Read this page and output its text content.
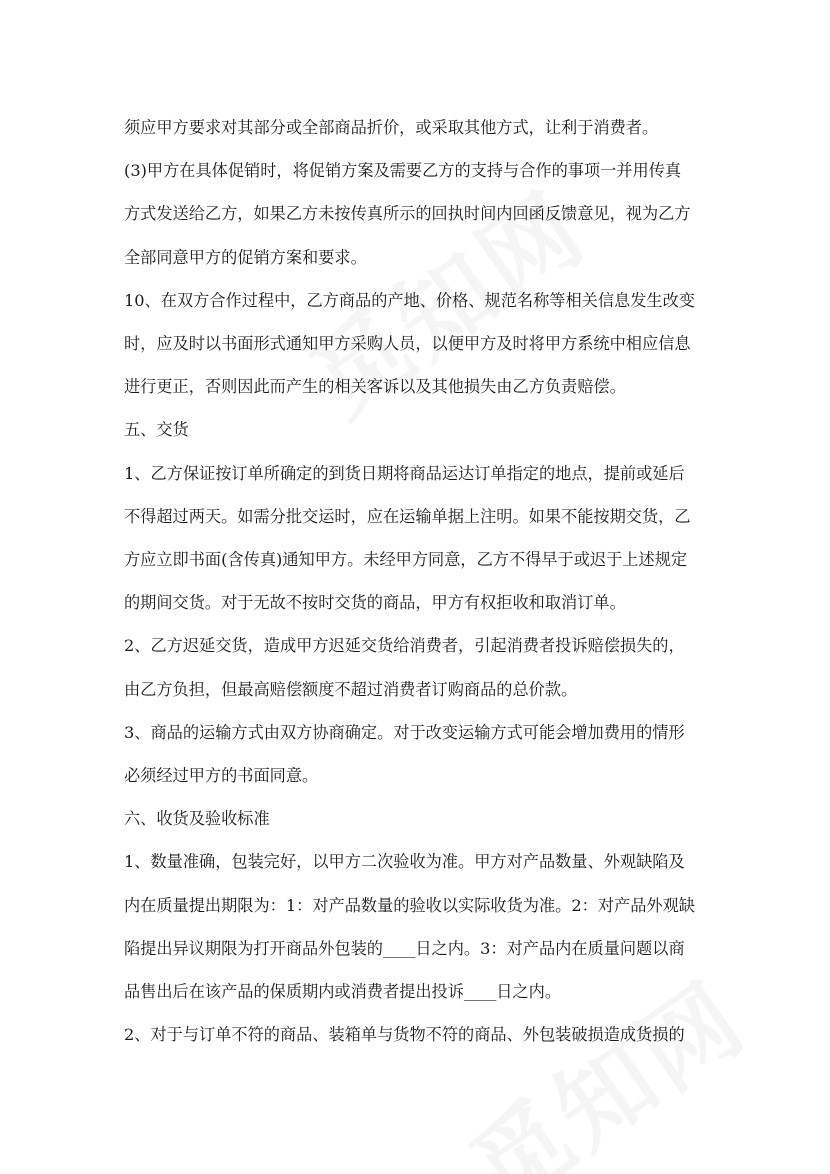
须应甲方要求对其部分或全部商品折价，或采取其他方式，让利于消费者。
(3)甲方在具体促销时，将促销方案及需要乙方的支持与合作的事项一并用传真
方式发送给乙方，如果乙方未按传真所示的回执时间内回函反馈意见，视为乙方
全部同意甲方的促销方案和要求。
10、在双方合作过程中，乙方商品的产地、价格、规范名称等相关信息发生改变
时，应及时以书面形式通知甲方采购人员，以便甲方及时将甲方系统中相应信息
进行更正，否则因此而产生的相关客诉以及其他损失由乙方负责赔偿。
五、交货
1、乙方保证按订单所确定的到货日期将商品运达订单指定的地点，提前或延后
不得超过两天。如需分批交运时，应在运输单据上注明。如果不能按期交货，乙
方应立即书面(含传真)通知甲方。未经甲方同意，乙方不得早于或迟于上述规定
的期间交货。对于无故不按时交货的商品，甲方有权拒收和取消订单。
2、乙方迟延交货，造成甲方迟延交货给消费者，引起消费者投诉赔偿损失的，
由乙方负担，但最高赔偿额度不超过消费者订购商品的总价款。
3、商品的运输方式由双方协商确定。对于改变运输方式可能会增加费用的情形
必须经过甲方的书面同意。
六、收货及验收标准
1、数量准确，包装完好，以甲方二次验收为准。甲方对产品数量、外观缺陷及
内在质量提出期限为：1：对产品数量的验收以实际收货为准。2：对产品外观缺
陷提出异议期限为打开商品外包装的____日之内。3：对产品内在质量问题以商
品售出后在该产品的保质期内或消费者提出投诉____日之内。
2、对于与订单不符的商品、装箱单与货物不符的商品、外包装破损造成货损的
